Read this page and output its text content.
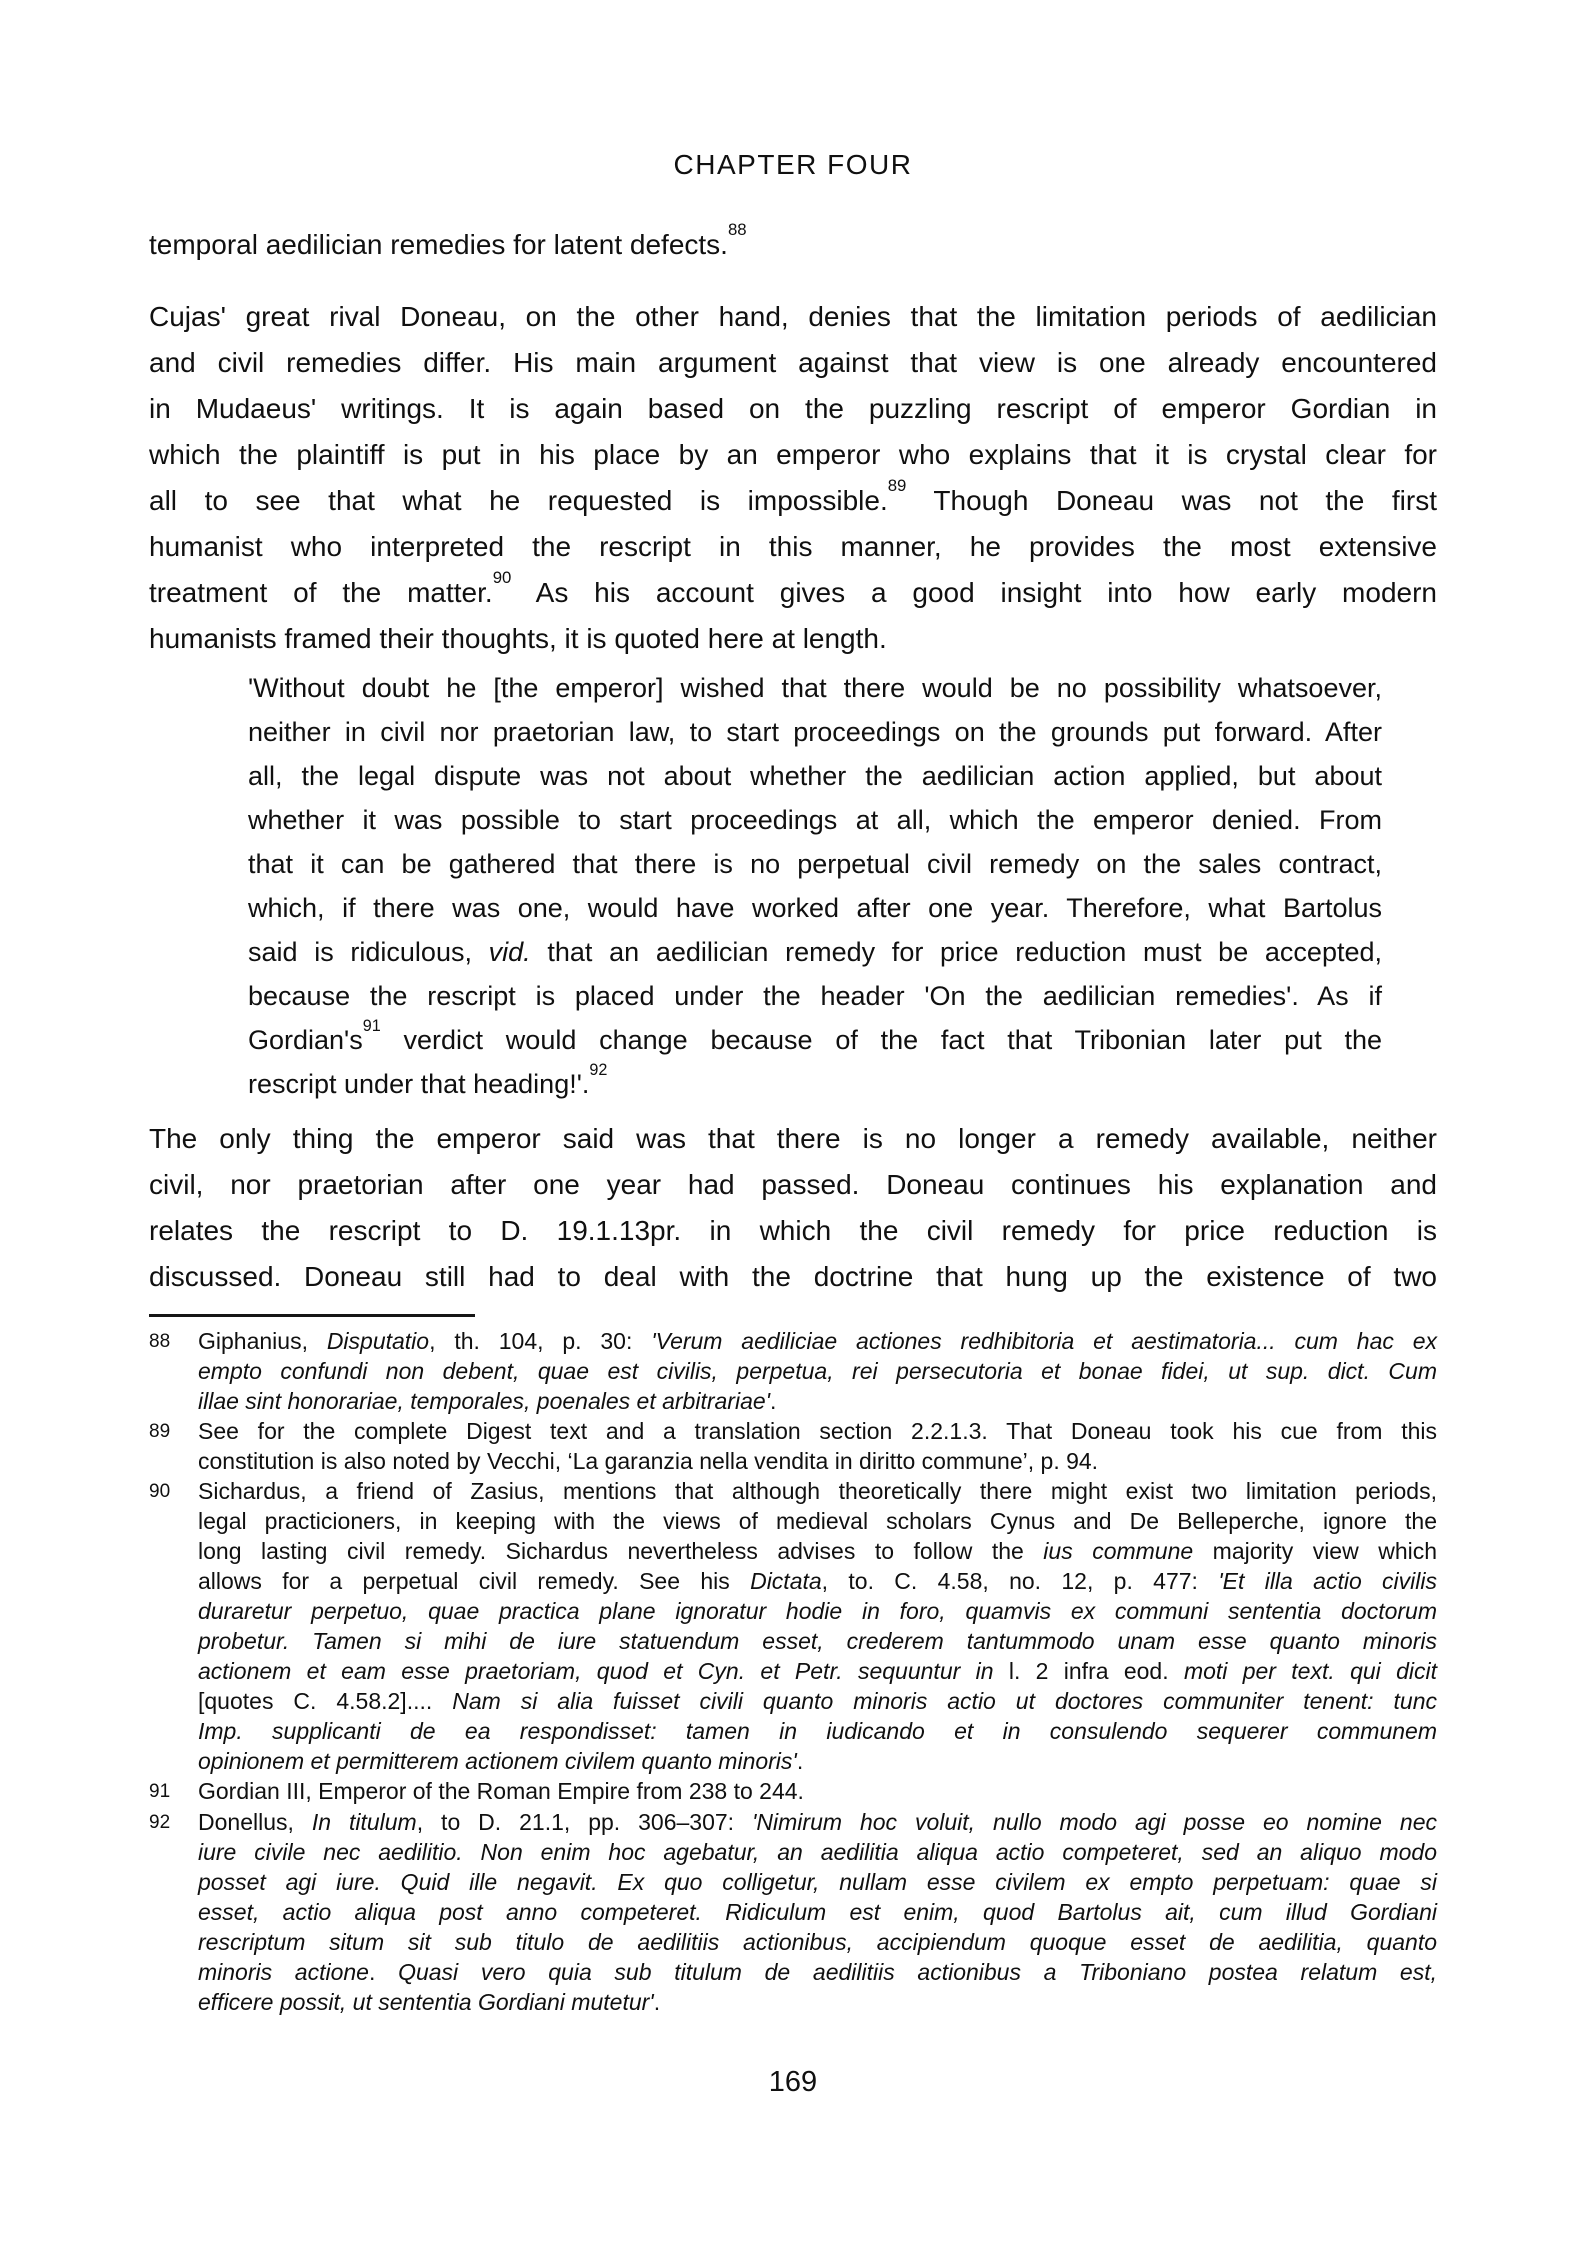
CHAPTER FOUR
temporal aedilician remedies for latent defects.$^{88}$
Cujas' great rival Doneau, on the other hand, denies that the limitation periods of aedilician
and civil remedies differ. His main argument against that view is one already encountered
in Mudaeus' writings. It is again based on the puzzling rescript of emperor Gordian in
which the plaintiff is put in his place by an emperor who explains that it is crystal clear for
all to see that what he requested is impossible.$^{89}$ Though Doneau was not the first
humanist who interpreted the rescript in this manner, he provides the most extensive
treatment of the matter.$^{90}$ As his account gives a good insight into how early modern
humanists framed their thoughts, it is quoted here at length.
'Without doubt he [the emperor] wished that there would be no possibility whatsoever,
neither in civil nor praetorian law, to start proceedings on the grounds put forward. After
all, the legal dispute was not about whether the aedilician action applied, but about
whether it was possible to start proceedings at all, which the emperor denied. From
that it can be gathered that there is no perpetual civil remedy on the sales contract,
which, if there was one, would have worked after one year. Therefore, what Bartolus
said is ridiculous, vid. that an aedilician remedy for price reduction must be accepted,
because the rescript is placed under the header 'On the aedilician remedies'. As if
$Gordian's^{91}$ verdict would change because of the fact that Tribonian later put the
rescript under that heading!'.$^{92}$
The only thing the emperor said was that there is no longer a remedy available, neither
civil, nor praetorian after one year had passed. Doneau continues his explanation and
relates the rescript to D. 19.1.13pr. in which the civil remedy for price reduction is
discussed. Doneau still had to deal with the doctrine that hung up the existence of two
88	Giphanius, Disputatio, th. 104, p. 30: 'Verum aediliciae actiones redhibitoria et aestimatoria... cum hac ex
empto confundi non debent, quae est civilis, perpetua, rei persecutoria et bonae fidei, ut sup. dict. Cum
illae sint honorariae, temporales, poenales et arbitrariae'.
89	See for the complete Digest text and a translation section 2.2.1.3. That Doneau took his cue from this
constitution is also noted by Vecchi, ‘La garanzia nella vendita in diritto commune’, p. 94.
90	Sichardus, a friend of Zasius, mentions that although theoretically there might exist two limitation periods,
legal practicioners, in keeping with the views of medieval scholars Cynus and De Belleperche, ignore the
long lasting civil remedy. Sichardus nevertheless advises to follow the ius commune majority view which
allows for a perpetual civil remedy. See his Dictata, to. C. 4.58, no. 12, p. 477: 'Et illa actio civilis
duraretur perpetuo, quae practica plane ignoratur hodie in foro, quamvis ex communi sententia doctorum
probetur. Tamen si mihi de iure statuendum esset, crederem tantummodo unam esse quanto minoris
actionem et eam esse praetoriam, quod et Cyn. et Petr. sequuntur in l. 2 infra eod. moti per text. qui dicit
[quotes C. 4.58.2].... Nam si alia fuisset civili quanto minoris actio ut doctores communiter tenent: tunc
Imp. supplicanti de ea respondisset: tamen in iudicando et in consulendo sequerer communem
opinionem et permitterem actionem civilem quanto minoris'.
91	Gordian III, Emperor of the Roman Empire from 238 to 244.
92	Donellus, In titulum, to D. 21.1, pp. 306–307: 'Nimirum hoc voluit, nullo modo agi posse eo nomine nec
iure civile nec aedilitio. Non enim hoc agebatur, an aedilitia aliqua actio competeret, sed an aliquo modo
posset agi iure. Quid ille negavit. Ex quo colligetur, nullam esse civilem ex empto perpetuam: quae si
esset, actio aliqua post anno competeret. Ridiculum est enim, quod Bartolus ait, cum illud Gordiani
rescriptum situm sit sub titulo de aedilitiis actionibus, accipiendum quoque esset de aedilitia, quanto
minoris actione. Quasi vero quia sub titulum de aedilitiis actionibus a Triboniano postea relatum est,
efficere possit, ut sententia Gordiani mutetur'.
169
